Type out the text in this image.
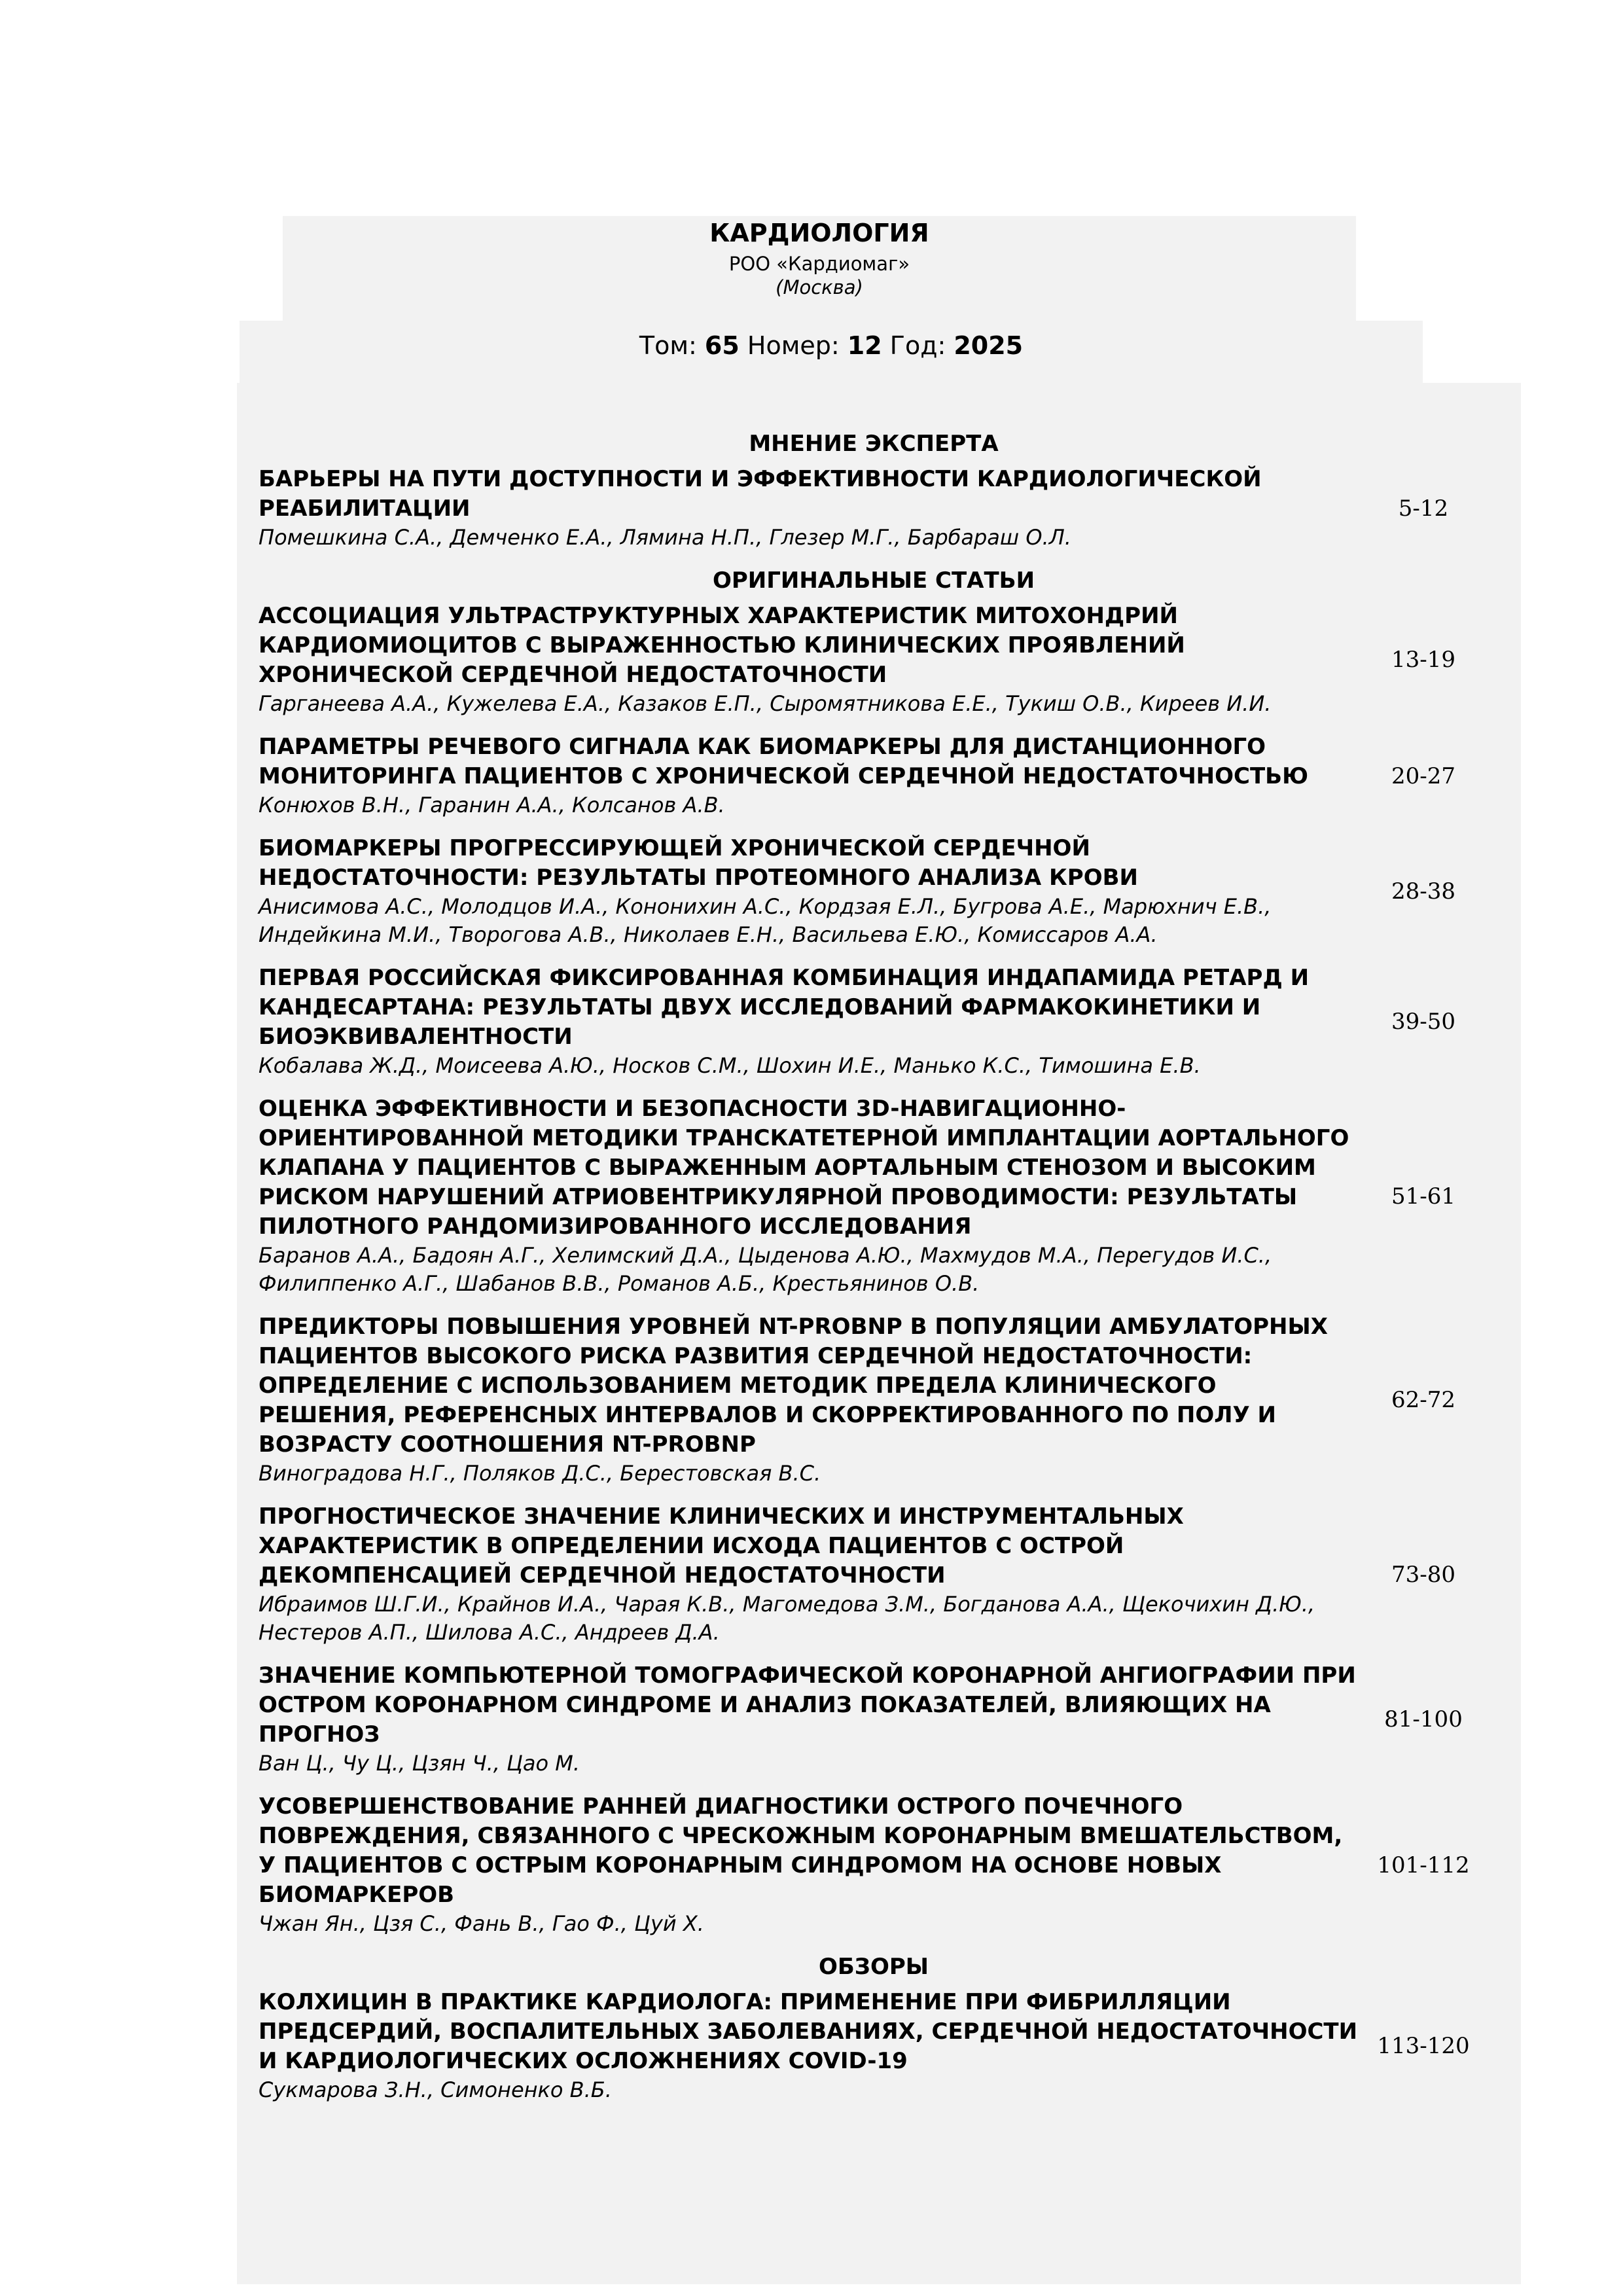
КАРДИОЛОГИЯ
РОО «Кардиомаг»
(Москва)
Том: 65 Номер: 12 Год: 2025
МНЕНИЕ ЭКСПЕРТА
БАРЬЕРЫ НА ПУТИ ДОСТУПНОСТИ И ЭФФЕКТИВНОСТИ КАРДИОЛОГИЧЕСКОЙ РЕАБИЛИТАЦИИ
Помешкина С.А., Демченко Е.А., Лямина Н.П., Глезер М.Г., Барбараш О.Л.
5-12
ОРИГИНАЛЬНЫЕ СТАТЬИ
АССОЦИАЦИЯ УЛЬТРАСТРУКТУРНЫХ ХАРАКТЕРИСТИК МИТОХОНДРИЙ КАРДИОМИОЦИТОВ С ВЫРАЖЕННОСТЬЮ КЛИНИЧЕСКИХ ПРОЯВЛЕНИЙ ХРОНИЧЕСКОЙ СЕРДЕЧНОЙ НЕДОСТАТОЧНОСТИ
Гарганеева А.А., Кужелева Е.А., Казаков Е.П., Сыромятникова Е.Е., Тукиш О.В., Киреев И.И.
13-19
ПАРАМЕТРЫ РЕЧЕВОГО СИГНАЛА КАК БИОМАРКЕРЫ ДЛЯ ДИСТАНЦИОННОГО МОНИТОРИНГА ПАЦИЕНТОВ С ХРОНИЧЕСКОЙ СЕРДЕЧНОЙ НЕДОСТАТОЧНОСТЬЮ
Конюхов В.Н., Гаранин А.А., Колсанов А.В.
20-27
БИОМАРКЕРЫ ПРОГРЕССИРУЮЩЕЙ ХРОНИЧЕСКОЙ СЕРДЕЧНОЙ НЕДОСТАТОЧНОСТИ: РЕЗУЛЬТАТЫ ПРОТЕОМНОГО АНАЛИЗА КРОВИ
Анисимова А.С., Молодцов И.А., Кононихин А.С., Кордзая Е.Л., Бугрова А.Е., Марюхнич Е.В., Индейкина М.И., Творогова А.В., Николаев Е.Н., Васильева Е.Ю., Комиссаров А.А.
28-38
ПЕРВАЯ РОССИЙСКАЯ ФИКСИРОВАННАЯ КОМБИНАЦИЯ ИНДАПАМИДА РЕТАРД И КАНДЕСАРТАНА: РЕЗУЛЬТАТЫ ДВУХ ИССЛЕДОВАНИЙ ФАРМАКОКИНЕТИКИ И БИОЭКВИВАЛЕНТНОСТИ
Кобалава Ж.Д., Моисеева А.Ю., Носков С.М., Шохин И.Е., Манько К.С., Тимошина Е.В.
39-50
ОЦЕНКА ЭФФЕКТИВНОСТИ И БЕЗОПАСНОСТИ 3D-НАВИГАЦИОННО-ОРИЕНТИРОВАННОЙ МЕТОДИКИ ТРАНСКАТЕТЕРНОЙ ИМПЛАНТАЦИИ АОРТАЛЬНОГО КЛАПАНА У ПАЦИЕНТОВ С ВЫРАЖЕННЫМ АОРТАЛЬНЫМ СТЕНОЗОМ И ВЫСОКИМ РИСКОМ НАРУШЕНИЙ АТРИОВЕНТРИКУЛЯРНОЙ ПРОВОДИМОСТИ: РЕЗУЛЬТАТЫ ПИЛОТНОГО РАНДОМИЗИРОВАННОГО ИССЛЕДОВАНИЯ
Баранов А.А., Бадоян А.Г., Хелимский Д.А., Цыденова А.Ю., Махмудов М.А., Перегудов И.С., Филиппенко А.Г., Шабанов В.В., Романов А.Б., Крестьянинов О.В.
51-61
ПРЕДИКТОРЫ ПОВЫШЕНИЯ УРОВНЕЙ NT-PROBNP В ПОПУЛЯЦИИ АМБУЛАТОРНЫХ ПАЦИЕНТОВ ВЫСОКОГО РИСКА РАЗВИТИЯ СЕРДЕЧНОЙ НЕДОСТАТОЧНОСТИ: ОПРЕДЕЛЕНИЕ С ИСПОЛЬЗОВАНИЕМ МЕТОДИК ПРЕДЕЛА КЛИНИЧЕСКОГО РЕШЕНИЯ, РЕФЕРЕНСНЫХ ИНТЕРВАЛОВ И СКОРРЕКТИРОВАННОГО ПО ПОЛУ И ВОЗРАСТУ СООТНОШЕНИЯ NT-PROBNP
Виноградова Н.Г., Поляков Д.С., Берестовская В.С.
62-72
ПРОГНОСТИЧЕСКОЕ ЗНАЧЕНИЕ КЛИНИЧЕСКИХ И ИНСТРУМЕНТАЛЬНЫХ ХАРАКТЕРИСТИК В ОПРЕДЕЛЕНИИ ИСХОДА ПАЦИЕНТОВ С ОСТРОЙ ДЕКОМПЕНСАЦИЕЙ СЕРДЕЧНОЙ НЕДОСТАТОЧНОСТИ
Ибраимов Ш.Г.И., Крайнов И.А., Чарая К.В., Магомедова З.М., Богданова А.А., Щекочихин Д.Ю., Нестеров А.П., Шилова А.С., Андреев Д.А.
73-80
ЗНАЧЕНИЕ КОМПЬЮТЕРНОЙ ТОМОГРАФИЧЕСКОЙ КОРОНАРНОЙ АНГИОГРАФИИ ПРИ ОСТРОМ КОРОНАРНОМ СИНДРОМЕ И АНАЛИЗ ПОКАЗАТЕЛЕЙ, ВЛИЯЮЩИХ НА ПРОГНОЗ
Ван Ц., Чу Ц., Цзян Ч., Цао М.
81-100
УСОВЕРШЕНСТВОВАНИЕ РАННЕЙ ДИАГНОСТИКИ ОСТРОГО ПОЧЕЧНОГО ПОВРЕЖДЕНИЯ, СВЯЗАННОГО С ЧРЕСКОЖНЫМ КОРОНАРНЫМ ВМЕШАТЕЛЬСТВОМ, У ПАЦИЕНТОВ С ОСТРЫМ КОРОНАРНЫМ СИНДРОМОМ НА ОСНОВЕ НОВЫХ БИОМАРКЕРОВ
Чжан Ян., Цзя С., Фань В., Гао Ф., Цуй Х.
101-112
ОБЗОРЫ
КОЛХИЦИН В ПРАКТИКЕ КАРДИОЛОГА: ПРИМЕНЕНИЕ ПРИ ФИБРИЛЛЯЦИИ ПРЕДСЕРДИЙ, ВОСПАЛИТЕЛЬНЫХ ЗАБОЛЕВАНИЯХ, СЕРДЕЧНОЙ НЕДОСТАТОЧНОСТИ И КАРДИОЛОГИЧЕСКИХ ОСЛОЖНЕНИЯХ COVID-19
Сукмарова З.Н., Симоненко В.Б.
113-120
